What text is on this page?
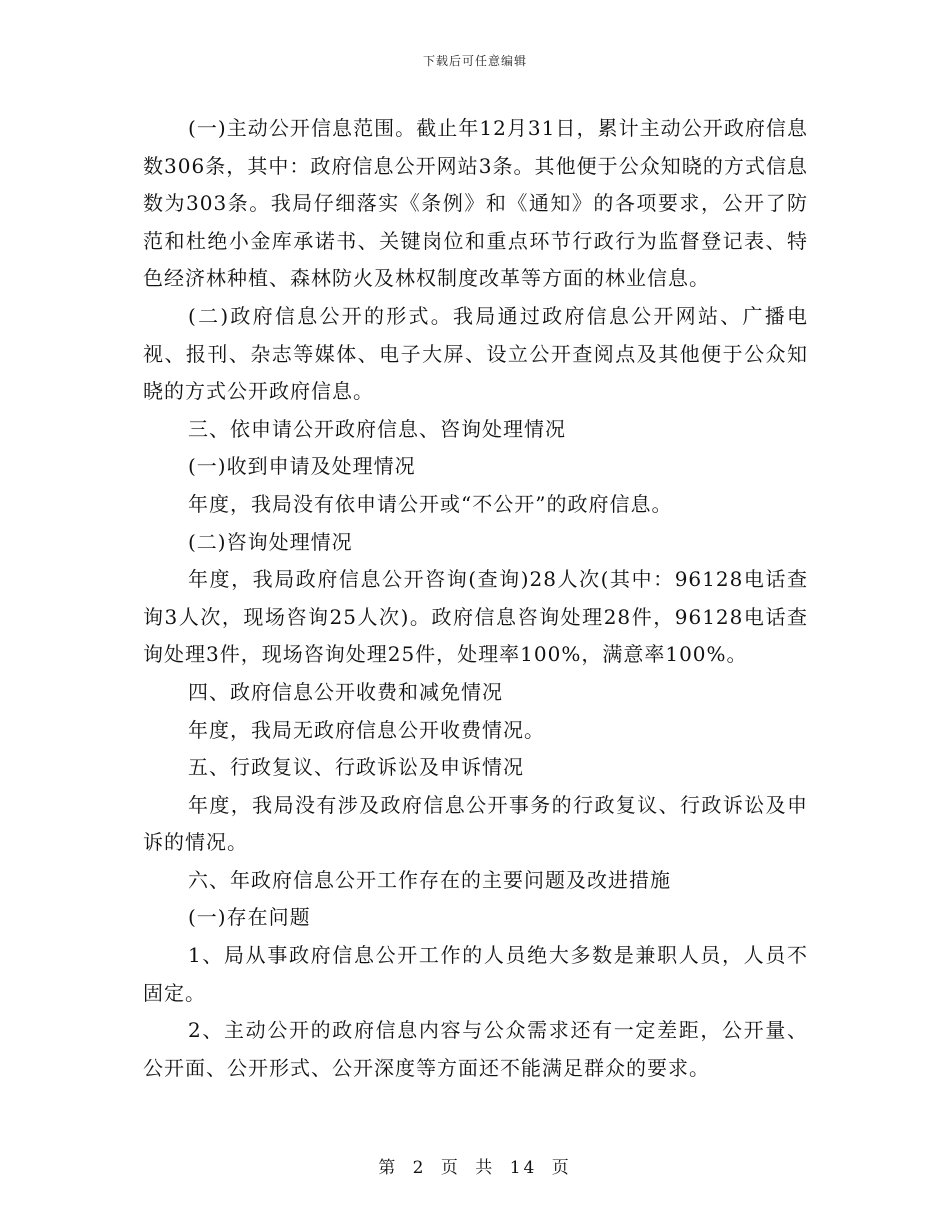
下载后可任意编辑

(一)主动公开信息范围。截止年12月31日，累计主动公开政府信息数306条，其中：政府信息公开网站3条。其他便于公众知晓的方式信息数为303条。我局仔细落实《条例》和《通知》的各项要求，公开了防范和杜绝小金库承诺书、关键岗位和重点环节行政行为监督登记表、特色经济林种植、森林防火及林权制度改革等方面的林业信息。

(二)政府信息公开的形式。我局通过政府信息公开网站、广播电视、报刊、杂志等媒体、电子大屏、设立公开查阅点及其他便于公众知晓的方式公开政府信息。

三、依申请公开政府信息、咨询处理情况

(一)收到申请及处理情况

年度，我局没有依申请公开或“不公开”的政府信息。

(二)咨询处理情况

年度，我局政府信息公开咨询(查询)28人次(其中：96128电话查询3人次，现场咨询25人次)。政府信息咨询处理28件，96128电话查询处理3件，现场咨询处理25件，处理率100%，满意率100%。

四、政府信息公开收费和减免情况

年度，我局无政府信息公开收费情况。

五、行政复议、行政诉讼及申诉情况

年度，我局没有涉及政府信息公开事务的行政复议、行政诉讼及申诉的情况。

六、年政府信息公开工作存在的主要问题及改进措施

(一)存在问题

1、局从事政府信息公开工作的人员绝大多数是兼职人员，人员不固定。

2、主动公开的政府信息内容与公众需求还有一定差距，公开量、公开面、公开形式、公开深度等方面还不能满足群众的要求。

第 2 页 共 14 页
